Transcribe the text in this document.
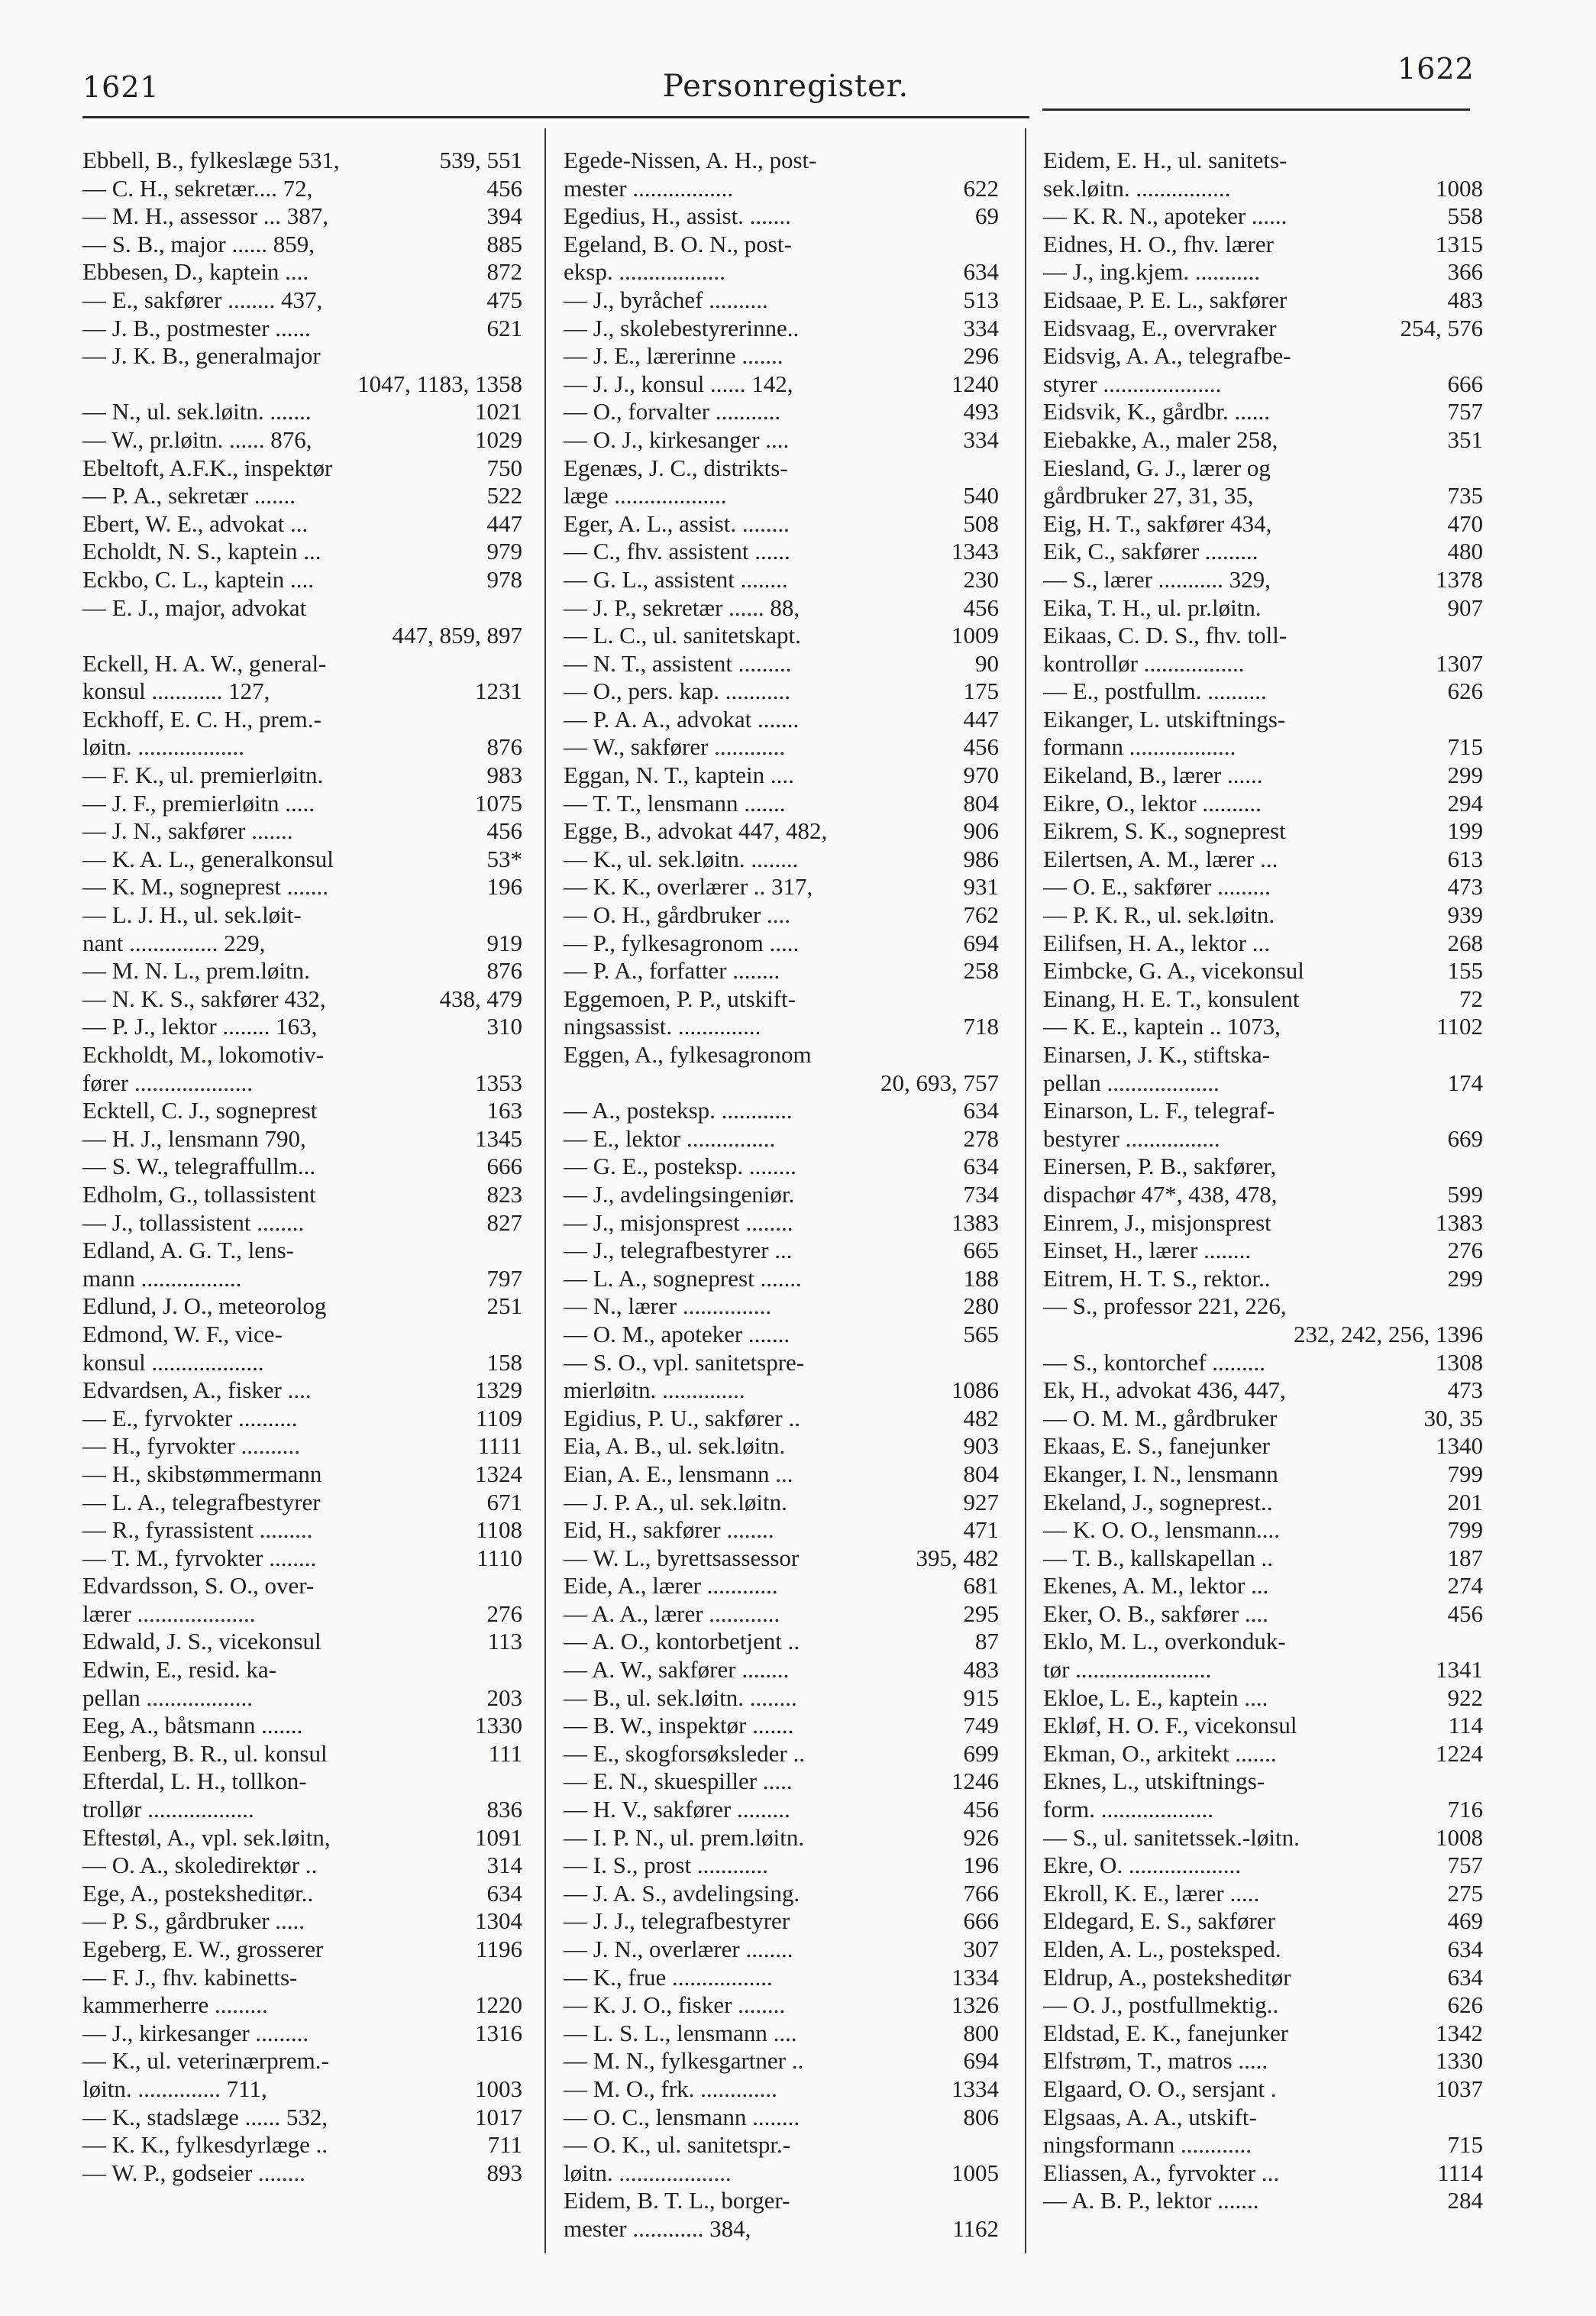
1621	Personregister.	1622
Ebbell, B., fylkeslæge 531,	539, 551
— C. H., sekretær.... 72,	456
— M. H., assessor ... 387,	394
— S. B., major ...... 859,	885
Ebbesen, D., kaptein ....	872
— E., sakfører ........ 437,	475
— J. B., postmester ......	621
— J. K. B., generalmajor
1047, 1183, 1358
— N., ul. sek.løitn. .......	1021
— W., pr.løitn. ...... 876,	1029
Ebeltoft, A.F.K., inspektør	750
— P. A., sekretær .......	522
Ebert, W. E., advokat ...	447
Echoldt, N. S., kaptein ...	979
Eckbo, C. L., kaptein ....	978
— E. J., major, advokat
447, 859, 897
Eckell, H. A. W., general-
konsul ............ 127,	1231
Eckhoff, E. C. H., prem.-
løitn. ..................	876
— F. K., ul. premierløitn.	983
— J. F., premierløitn .....	1075
— J. N., sakfører .......	456
— K. A. L., generalkonsul	53*
— K. M., sogneprest .......	196
— L. J. H., ul. sek.løit-
nant ............... 229,	919
— M. N. L., prem.løitn.	876
— N. K. S., sakfører 432,	438, 479
— P. J., lektor ........ 163,	310
Eckholdt, M., lokomotiv-
fører ....................	1353
Ecktell, C. J., sogneprest	163
— H. J., lensmann 790,	1345
— S. W., telegraffullm...	666
Edholm, G., tollassistent	823
— J., tollassistent ........	827
Edland, A. G. T., lens-
mann .................	797
Edlund, J. O., meteorolog	251
Edmond, W. F., vice-
konsul ...................	158
Edvardsen, A., fisker ....	1329
— E., fyrvokter ..........	1109
— H., fyrvokter ..........	1111
— H., skibstømmermann	1324
— L. A., telegrafbestyrer	671
— R., fyrassistent .........	1108
— T. M., fyrvokter ........	1110
Edvardsson, S. O., over-
lærer ....................	276
Edwald, J. S., vicekonsul	113
Edwin, E., resid. ka-
pellan ..................	203
Eeg, A., båtsmann .......	1330
Eenberg, B. R., ul. konsul	111
Efterdal, L. H., tollkon-
trollør ..................	836
Eftestøl, A., vpl. sek.løitn,	1091
— O. A., skoledirektør ..	314
Ege, A., posteksheditør..	634
— P. S., gårdbruker .....	1304
Egeberg, E. W., grosserer	1196
— F. J., fhv. kabinetts-
kammerherre .........	1220
— J., kirkesanger .........	1316
— K., ul. veterinærprem.-
løitn. .............. 711,	1003
— K., stadslæge ...... 532,	1017
— K. K., fylkesdyrlæge ..	711
— W. P., godseier ........	893
Egede-Nissen, A. H., post-
mester .................	622
Egedius, H., assist. .......	69
Egeland, B. O. N., post-
eksp. ..................	634
— J., byråchef ..........	513
— J., skolebestyrerinne..	334
— J. E., lærerinne .......	296
— J. J., konsul ...... 142,	1240
— O., forvalter ...........	493
— O. J., kirkesanger ....	334
Egenæs, J. C., distrikts-
læge ...................	540
Eger, A. L., assist. ........	508
— C., fhv. assistent ......	1343
— G. L., assistent ........	230
— J. P., sekretær ...... 88,	456
— L. C., ul. sanitetskapt.	1009
— N. T., assistent .........	90
— O., pers. kap. ...........	175
— P. A. A., advokat .......	447
— W., sakfører ............	456
Eggan, N. T., kaptein ....	970
— T. T., lensmann .......	804
Egge, B., advokat 447, 482,	906
— K., ul. sek.løitn. ........	986
— K. K., overlærer .. 317,	931
— O. H., gårdbruker ....	762
— P., fylkesagronom .....	694
— P. A., forfatter ........	258
Eggemoen, P. P., utskift-
ningsassist. ..............	718
Eggen, A., fylkesagronom
20, 693, 757
— A., posteksp. ............	634
— E., lektor ...............	278
— G. E., posteksp. ........	634
— J., avdelingsingeniør.	734
— J., misjonsprest ........	1383
— J., telegrafbestyrer ...	665
— L. A., sogneprest .......	188
— N., lærer ...............	280
— O. M., apoteker .......	565
— S. O., vpl. sanitetspre-
mierløitn. ..............	1086
Egidius, P. U., sakfører ..	482
Eia, A. B., ul. sek.løitn.	903
Eian, A. E., lensmann ...	804
— J. P. A., ul. sek.løitn.	927
Eid, H., sakfører ........	471
— W. L., byrettsassessor	395, 482
Eide, A., lærer ............	681
— A. A., lærer ............	295
— A. O., kontorbetjent ..	87
— A. W., sakfører ........	483
— B., ul. sek.løitn. ........	915
— B. W., inspektør .......	749
— E., skogforsøksleder ..	699
— E. N., skuespiller .....	1246
— H. V., sakfører .........	456
— I. P. N., ul. prem.løitn.	926
— I. S., prost ............	196
— J. A. S., avdelingsing.	766
— J. J., telegrafbestyrer	666
— J. N., overlærer ........	307
— K., frue .................	1334
— K. J. O., fisker ........	1326
— L. S. L., lensmann ....	800
— M. N., fylkesgartner ..	694
— M. O., frk. .............	1334
— O. C., lensmann ........	806
— O. K., ul. sanitetspr.-
løitn. ...................	1005
Eidem, B. T. L., borger-
mester ............ 384,	1162
Eidem, E. H., ul. sanitets-
sek.løitn. ................	1008
— K. R. N., apoteker ......	558
Eidnes, H. O., fhv. lærer	1315
— J., ing.kjem. ...........	366
Eidsaae, P. E. L., sakfører	483
Eidsvaag, E., overvraker	254, 576
Eidsvig, A. A., telegrafbe-
styrer ....................	666
Eidsvik, K., gårdbr. ......	757
Eiebakke, A., maler 258,	351
Eiesland, G. J., lærer og
gårdbruker 27, 31, 35,	735
Eig, H. T., sakfører 434,	470
Eik, C., sakfører .........	480
— S., lærer ........... 329,	1378
Eika, T. H., ul. pr.løitn.	907
Eikaas, C. D. S., fhv. toll-
kontrollør .................	1307
— E., postfullm. ..........	626
Eikanger, L. utskiftnings-
formann ..................	715
Eikeland, B., lærer ......	299
Eikre, O., lektor ..........	294
Eikrem, S. K., sogneprest	199
Eilertsen, A. M., lærer ...	613
— O. E., sakfører .........	473
— P. K. R., ul. sek.løitn.	939
Eilifsen, H. A., lektor ...	268
Eimbcke, G. A., vicekonsul	155
Einang, H. E. T., konsulent	72
— K. E., kaptein .. 1073,	1102
Einarsen, J. K., stiftska-
pellan ...................	174
Einarson, L. F., telegraf-
bestyrer ................	669
Einersen, P. B., sakfører,
dispachør 47*, 438, 478,	599
Einrem, J., misjonsprest	1383
Einset, H., lærer ........	276
Eitrem, H. T. S., rektor..	299
— S., professor 221, 226,
232, 242, 256, 1396
— S., kontorchef .........	1308
Ek, H., advokat 436, 447,	473
— O. M. M., gårdbruker	30, 35
Ekaas, E. S., fanejunker	1340
Ekanger, I. N., lensmann	799
Ekeland, J., sogneprest..	201
— K. O. O., lensmann....	799
— T. B., kallskapellan ..	187
Ekenes, A. M., lektor ...	274
Eker, O. B., sakfører ....	456
Eklo, M. L., overkonduk-
tør .......................	1341
Ekloe, L. E., kaptein ....	922
Ekløf, H. O. F., vicekonsul	114
Ekman, O., arkitekt .......	1224
Eknes, L., utskiftnings-
form. ...................	716
— S., ul. sanitetssek.-løitn.	1008
Ekre, O. ...................	757
Ekroll, K. E., lærer .....	275
Eldegard, E. S., sakfører	469
Elden, A. L., posteksped.	634
Eldrup, A., posteksheditør	634
— O. J., postfullmektig..	626
Eldstad, E. K., fanejunker	1342
Elfstrøm, T., matros .....	1330
Elgaard, O. O., sersjant .	1037
Elgsaas, A. A., utskift-
ningsformann ............	715
Eliassen, A., fyrvokter ...	1114
— A. B. P., lektor .......	284
